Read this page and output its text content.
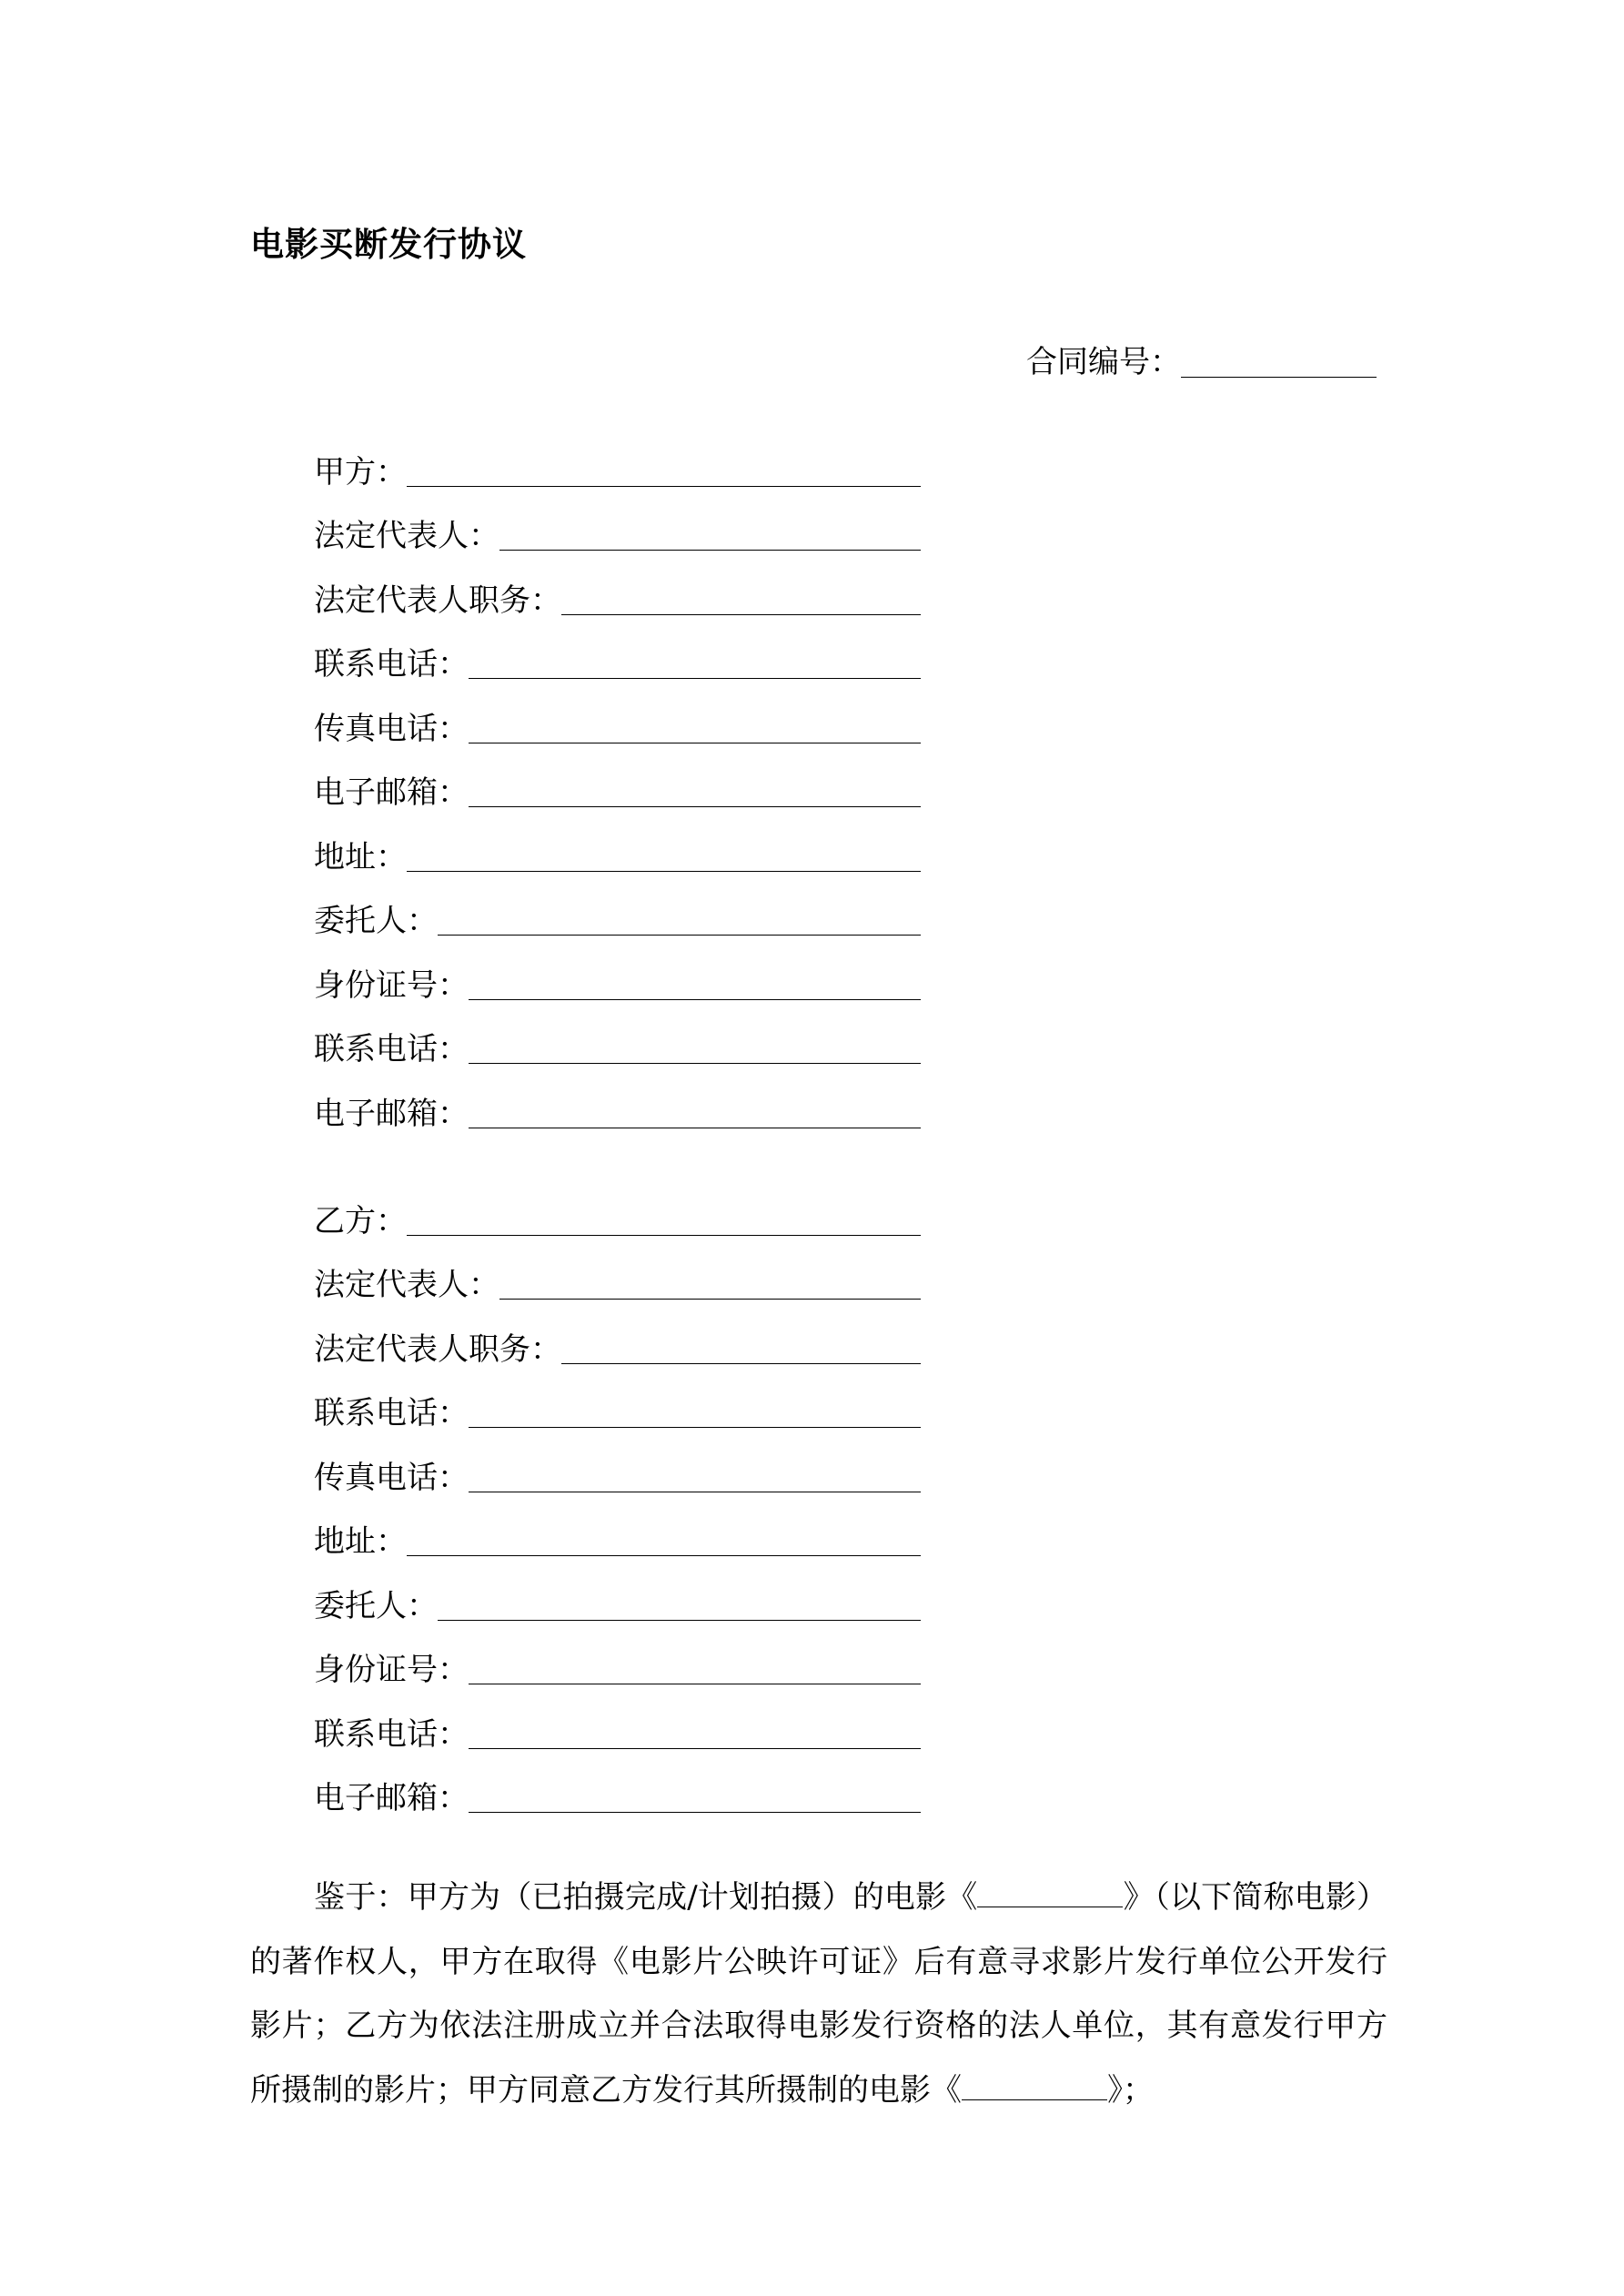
电影买断发行协议
合同编号：
甲方：
法定代表人：
法定代表人职务：
联系电话：
传真电话：
电子邮箱：
地址：
委托人：
身份证号：
联系电话：
电子邮箱：
乙方：
法定代表人：
法定代表人职务：
联系电话：
传真电话：
地址：
委托人：
身份证号：
联系电话：
电子邮箱：
鉴于：甲方为（已拍摄完成/计划拍摄）的电影《	》（以下简称电影）的著作权人，甲方在取得《电影片公映许可证》后有意寻求影片发行单位公开发行影片；乙方为依法注册成立并合法取得电影发行资格的法人单位，其有意发行甲方所摄制的影片；甲方同意乙方发行其所摄制的电影《	》；
